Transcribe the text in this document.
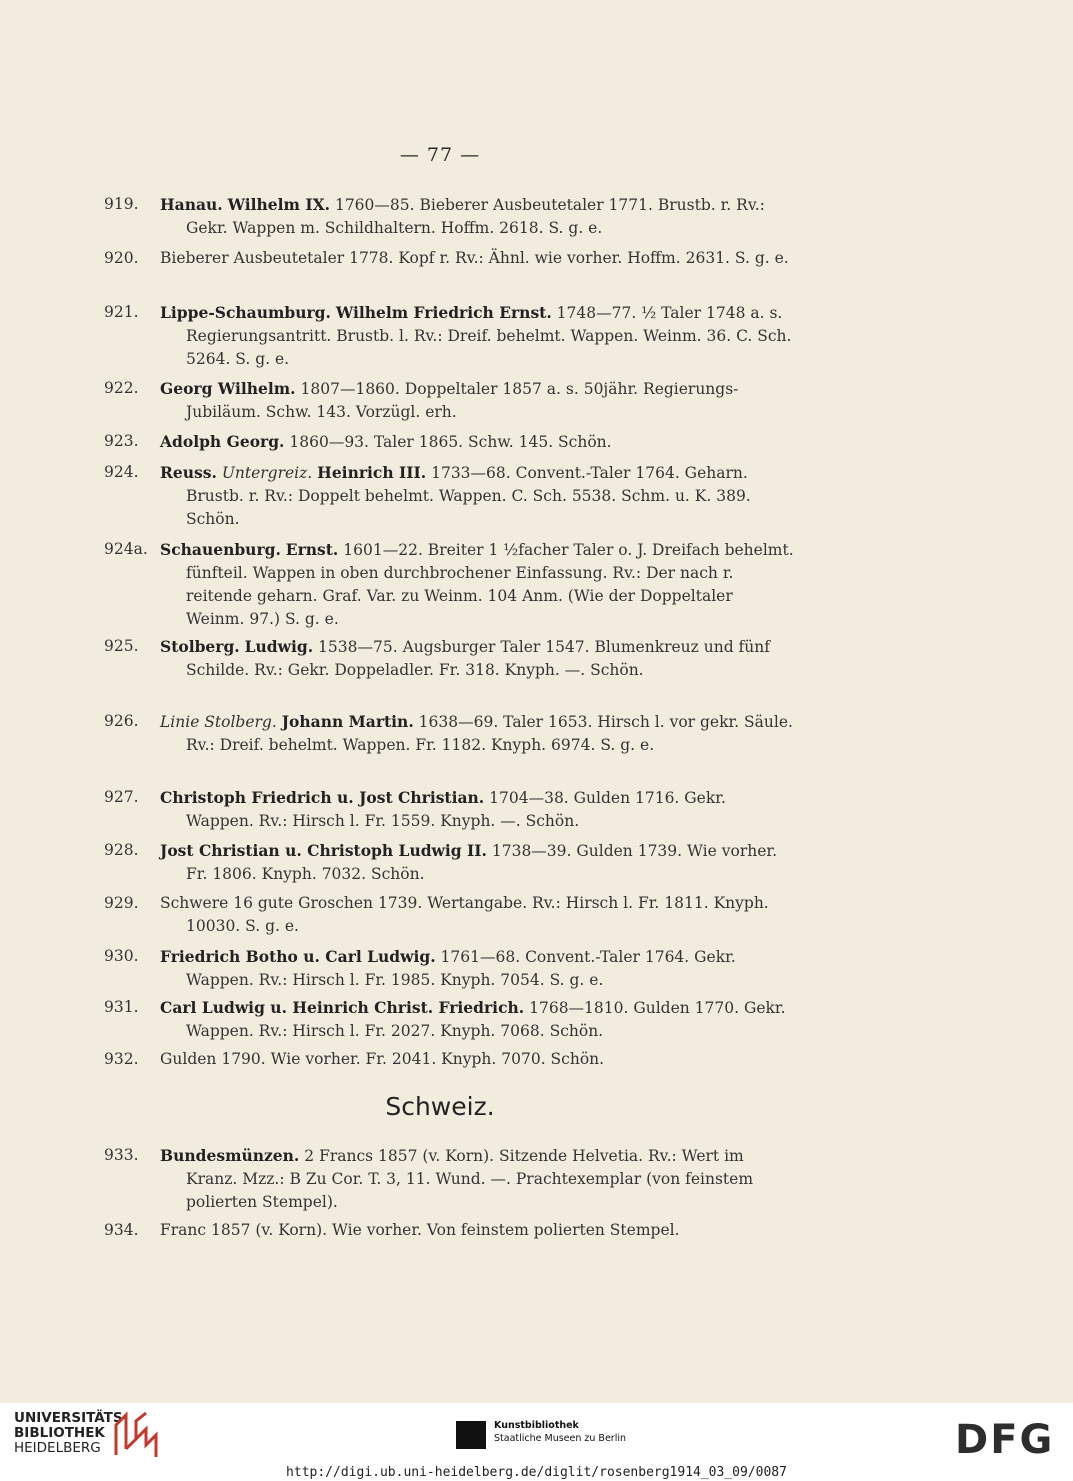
— 77 —
919.	Hanau. Wilhelm IX. 1760—85. Bieberer Ausbeutetaler 1771. Brustb. r. Rv.: Gekr. Wappen m. Schildhaltern. Hoffm. 2618. S. g. e.
920.	Bieberer Ausbeutetaler 1778. Kopf r. Rv.: Ähnl. wie vorher. Hoffm. 2631. S. g. e.
921.	Lippe-Schaumburg. Wilhelm Friedrich Ernst. 1748—77. ½ Taler 1748 a. s. Regierungsantritt. Brustb. l. Rv.: Dreif. behelmt. Wappen. Weinm. 36. C. Sch. 5264. S. g. e.
922.	Georg Wilhelm. 1807—1860. Doppeltaler 1857 a. s. 50jähr. Regierungs-Jubiläum. Schw. 143. Vorzügl. erh.
923.	Adolph Georg. 1860—93. Taler 1865. Schw. 145. Schön.
924.	Reuss. Untergreiz. Heinrich III. 1733—68. Convent.-Taler 1764. Geharn. Brustb. r. Rv.: Doppelt behelmt. Wappen. C. Sch. 5538. Schm. u. K. 389. Schön.
924a. Schauenburg. Ernst. 1601—22. Breiter 1 ½facher Taler o. J. Dreifach behelmt. fünfteil. Wappen in oben durchbrochener Einfassung. Rv.: Der nach r. reitende geharn. Graf. Var. zu Weinm. 104 Anm. (Wie der Doppeltaler Weinm. 97.) S. g. e.
925.	Stolberg. Ludwig. 1538—75. Augsburger Taler 1547. Blumenkreuz und fünf Schilde. Rv.: Gekr. Doppeladler. Fr. 318. Knyph. —. Schön.
926.	Linie Stolberg. Johann Martin. 1638—69. Taler 1653. Hirsch l. vor gekr. Säule. Rv.: Dreif. behelmt. Wappen. Fr. 1182. Knyph. 6974. S. g. e.
927.	Christoph Friedrich u. Jost Christian. 1704—38. Gulden 1716. Gekr. Wappen. Rv.: Hirsch l. Fr. 1559. Knyph. —. Schön.
928.	Jost Christian u. Christoph Ludwig II. 1738—39. Gulden 1739. Wie vorher. Fr. 1806. Knyph. 7032. Schön.
929.	Schwere 16 gute Groschen 1739. Wertangabe. Rv.: Hirsch l. Fr. 1811. Knyph. 10030. S. g. e.
930.	Friedrich Botho u. Carl Ludwig. 1761—68. Convent.-Taler 1764. Gekr. Wappen. Rv.: Hirsch l. Fr. 1985. Knyph. 7054. S. g. e.
931.	Carl Ludwig u. Heinrich Christ. Friedrich. 1768—1810. Gulden 1770. Gekr. Wappen. Rv.: Hirsch l. Fr. 2027. Knyph. 7068. Schön.
932.	Gulden 1790. Wie vorher. Fr. 2041. Knyph. 7070. Schön.
Schweiz.
933.	Bundesmünzen. 2 Francs 1857 (v. Korn). Sitzende Helvetia. Rv.: Wert im Kranz. Mzz.: B Zu Cor. T. 3, 11. Wund. —. Prachtexemplar (von feinstem polierten Stempel).
934.	Franc 1857 (v. Korn). Wie vorher. Von feinstem polierten Stempel.
UNIVERSITÄTS-
BIBLIOTHEK
HEIDELBERG
Kunstbibliothek
Staatliche Museen zu Berlin	DFG
http://digi.ub.uni-heidelberg.de/diglit/rosenberg1914_03_09/0087
